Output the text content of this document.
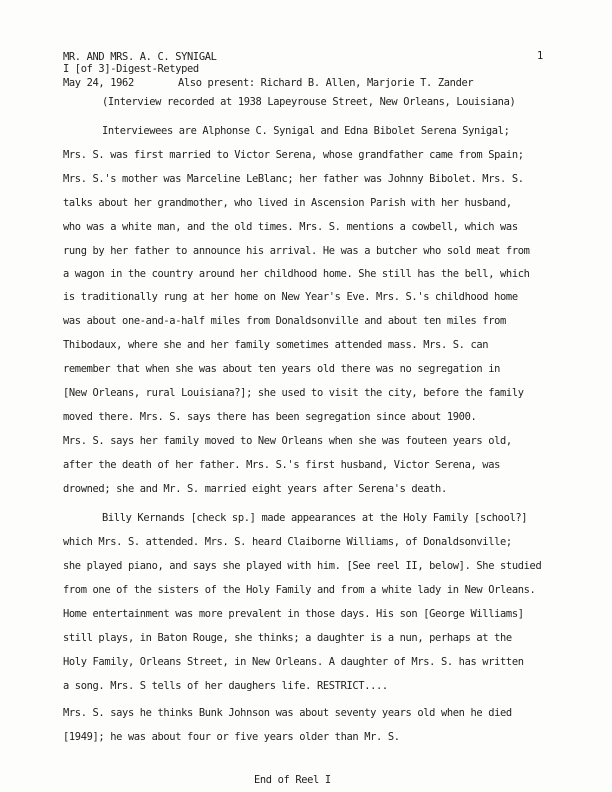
MR. AND MRS. A. C. SYNIGAL	1
I [of 3]-Digest-Retyped
May 24, 1962	Also present: Richard B. Allen, Marjorie T. Zander
(Interview recorded at 1938 Lapeyrouse Street, New Orleans, Louisiana)
Interviewees are Alphonse C. Synigal and Edna Bibolet Serena Synigal;
Mrs. S. was first married to Victor Serena, whose grandfather came from Spain;
Mrs. S.'s mother was Marceline LeBlanc; her father was Johnny Bibolet. Mrs. S.
talks about her grandmother, who lived in Ascension Parish with her husband,
who was a white man, and the old times. Mrs. S. mentions a cowbell, which was
rung by her father to announce his arrival. He was a butcher who sold meat from
a wagon in the country around her childhood home. She still has the bell, which
is traditionally rung at her home on New Year's Eve. Mrs. S.'s childhood home
was about one-and-a-half miles from Donaldsonville and about ten miles from
Thibodaux, where she and her family sometimes attended mass. Mrs. S. can
remember that when she was about ten years old there was no segregation in
[New Orleans, rural Louisiana?]; she used to visit the city, before the family
moved there. Mrs. S. says there has been segregation since about 1900.
Mrs. S. says her family moved to New Orleans when she was fouteen years old,
after the death of her father. Mrs. S.'s first husband, Victor Serena, was
drowned; she and Mr. S. married eight years after Serena's death.
Billy Kernands [check sp.] made appearances at the Holy Family [school?]
which Mrs. S. attended. Mrs. S. heard Claiborne Williams, of Donaldsonville;
she played piano, and says she played with him. [See reel II, below]. She studied
from one of the sisters of the Holy Family and from a white lady in New Orleans.
Home entertainment was more prevalent in those days. His son [George Williams]
still plays, in Baton Rouge, she thinks; a daughter is a nun, perhaps at the
Holy Family, Orleans Street, in New Orleans. A daughter of Mrs. S. has written
a song. Mrs. S tells of her daughers life. RESTRICT....
Mrs. S. says he thinks Bunk Johnson was about seventy years old when he died
[1949]; he was about four or five years older than Mr. S.
End of Reel I
